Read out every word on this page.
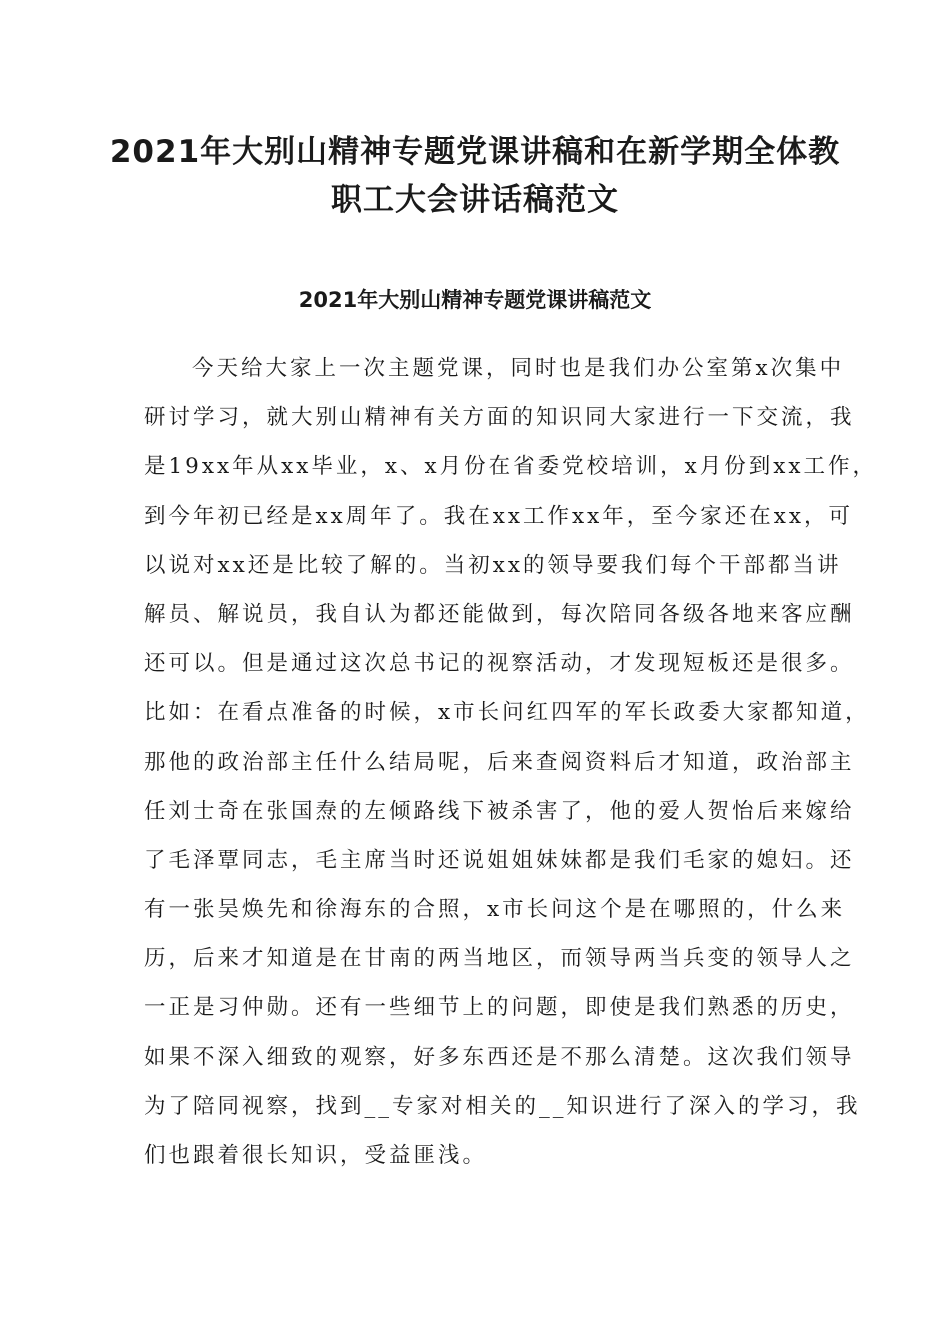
2021年大别山精神专题党课讲稿和在新学期全体教
职工大会讲话稿范文
2021年大别山精神专题党课讲稿范文
今天给大家上一次主题党课，同时也是我们办公室第x次集中
研讨学习，就大别山精神有关方面的知识同大家进行一下交流，我
是19xx年从xx毕业，x、x月份在省委党校培训，x月份到xx工作，
到今年初已经是xx周年了。我在xx工作xx年，至今家还在xx，可
以说对xx还是比较了解的。当初xx的领导要我们每个干部都当讲
解员、解说员，我自认为都还能做到，每次陪同各级各地来客应酬
还可以。但是通过这次总书记的视察活动，才发现短板还是很多。
比如：在看点准备的时候，x市长问红四军的军长政委大家都知道，
那他的政治部主任什么结局呢，后来查阅资料后才知道，政治部主
任刘士奇在张国焘的左倾路线下被杀害了，他的爱人贺怡后来嫁给
了毛泽覃同志，毛主席当时还说姐姐妹妹都是我们毛家的媳妇。还
有一张吴焕先和徐海东的合照，x市长问这个是在哪照的，什么来
历，后来才知道是在甘南的两当地区，而领导两当兵变的领导人之
一正是习仲勋。还有一些细节上的问题，即使是我们熟悉的历史，
如果不深入细致的观察，好多东西还是不那么清楚。这次我们领导
为了陪同视察，找到__专家对相关的__知识进行了深入的学习，我
们也跟着很长知识，受益匪浅。
